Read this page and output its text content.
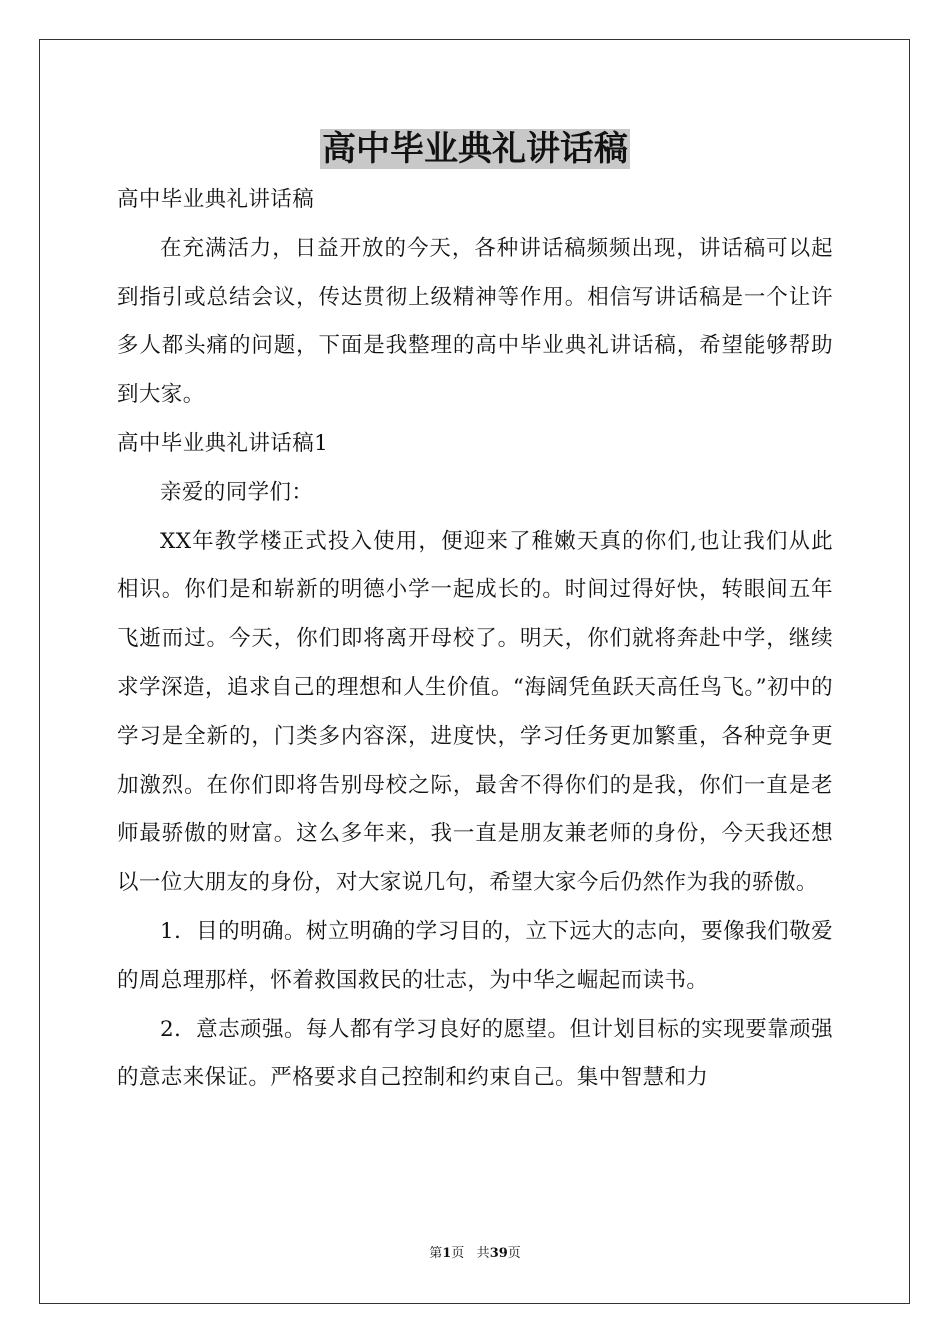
高中毕业典礼讲话稿

高中毕业典礼讲话稿

在充满活力，日益开放的今天，各种讲话稿频频出现，讲话稿可以起到指引或总结会议，传达贯彻上级精神等作用。相信写讲话稿是一个让许多人都头痛的问题，下面是我整理的高中毕业典礼讲话稿，希望能够帮助到大家。

高中毕业典礼讲话稿1

亲爱的同学们：

XX年教学楼正式投入使用，便迎来了稚嫩天真的你们,也让我们从此相识。你们是和崭新的明德小学一起成长的。时间过得好快，转眼间五年飞逝而过。今天，你们即将离开母校了。明天，你们就将奔赴中学，继续求学深造，追求自己的理想和人生价值。“海阔凭鱼跃天高任鸟飞。”初中的学习是全新的，门类多内容深，进度快，学习任务更加繁重，各种竞争更加激烈。在你们即将告别母校之际，最舍不得你们的是我，你们一直是老师最骄傲的财富。这么多年来，我一直是朋友兼老师的身份，今天我还想以一位大朋友的身份，对大家说几句，希望大家今后仍然作为我的骄傲。

1．目的明确。树立明确的学习目的，立下远大的志向，要像我们敬爱的周总理那样，怀着救国救民的壮志，为中华之崛起而读书。

2．意志顽强。每人都有学习良好的愿望。但计划目标的实现要靠顽强的意志来保证。严格要求自己控制和约束自己。集中智慧和力

第1页 共39页
